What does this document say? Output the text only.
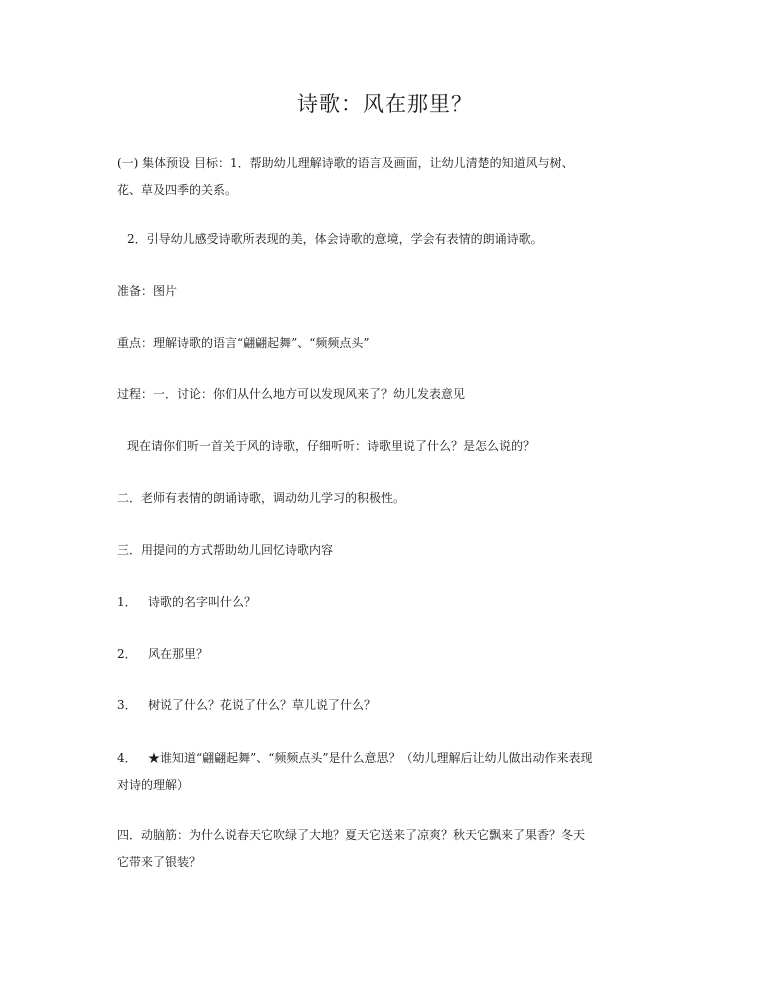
诗歌：风在那里？

(一) 集体预设 目标：1．帮助幼儿理解诗歌的语言及画面，让幼儿清楚的知道风与树、
花、草及四季的关系。

2．引导幼儿感受诗歌所表现的美，体会诗歌的意境，学会有表情的朗诵诗歌。

准备：图片

重点：理解诗歌的语言“翩翩起舞”、“频频点头”

过程：一．讨论：你们从什么地方可以发现风来了？幼儿发表意见

现在请你们听一首关于风的诗歌，仔细听听：诗歌里说了什么？是怎么说的？

二．老师有表情的朗诵诗歌，调动幼儿学习的积极性。

三．用提问的方式帮助幼儿回忆诗歌内容

1． 诗歌的名字叫什么？

2． 风在那里？

3． 树说了什么？花说了什么？草儿说了什么？

4． ★谁知道“翩翩起舞”、“频频点头”是什么意思？（幼儿理解后让幼儿做出动作来表现
对诗的理解）

四．动脑筋：为什么说春天它吹绿了大地？夏天它送来了凉爽？秋天它飘来了果香？冬天
它带来了银装？
